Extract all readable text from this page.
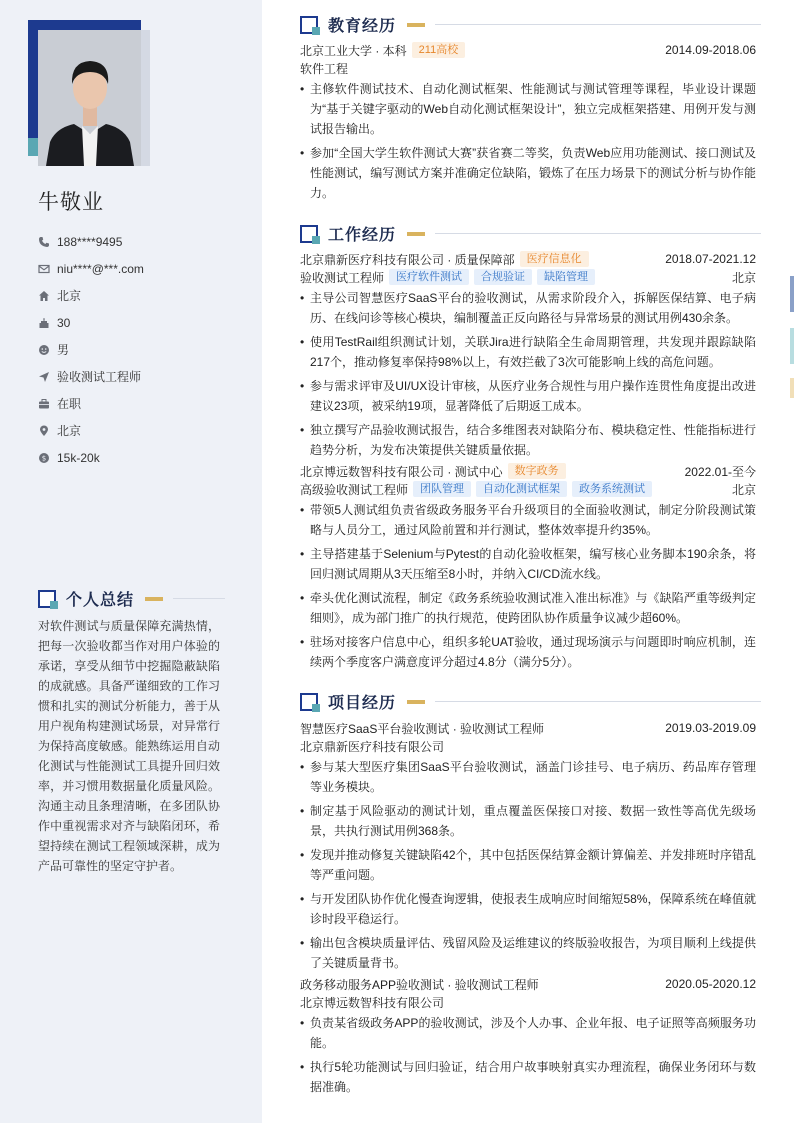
牛敬业
188****9495
niu****@***.com
北京
30
男
验收测试工程师
在职
北京
$ 15k-20k
个人总结
对软件测试与质量保障充满热情，把每一次验收都当作对用户体验的承诺，享受从细节中挖掘隐蔽缺陷的成就感。具备严谨细致的工作习惯和扎实的测试分析能力，善于从用户视角构建测试场景，对异常行为保持高度敏感。能熟练运用自动化测试与性能测试工具提升回归效率，并习惯用数据量化质量风险。沟通主动且条理清晰，在多团队协作中重视需求对齐与缺陷闭环，希望持续在测试工程领域深耕，成为产品可靠性的坚定守护者。
教育经历
北京工业大学 · 本科	211高校	2014.09-2018.06
软件工程
• 主修软件测试技术、自动化测试框架、性能测试与测试管理等课程，毕业设计课题为“基于关键字驱动的Web自动化测试框架设计”，独立完成框架搭建、用例开发与测试报告输出。
• 参加“全国大学生软件测试大赛”获省赛二等奖，负责Web应用功能测试、接口测试及性能测试，编写测试方案并准确定位缺陷，锻炼了在压力场景下的测试分析与协作能力。
工作经历
北京鼎新医疗科技有限公司 · 质量保障部	医疗信息化	2018.07-2021.12
验收测试工程师	医疗软件测试	合规验证	缺陷管理	北京
• 主导公司智慧医疗SaaS平台的验收测试，从需求阶段介入，拆解医保结算、电子病历、在线问诊等核心模块，编制覆盖正反向路径与异常场景的测试用例430余条。
• 使用TestRail组织测试计划，关联Jira进行缺陷全生命周期管理，共发现并跟踪缺陷217个，推动修复率保持98%以上，有效拦截了3次可能影响上线的高危问题。
• 参与需求评审及UI/UX设计审核，从医疗业务合规性与用户操作连贯性角度提出改进建议23项，被采纳19项，显著降低了后期返工成本。
• 独立撰写产品验收测试报告，结合多维图表对缺陷分布、模块稳定性、性能指标进行趋势分析，为发布决策提供关键质量依据。
北京博远数智科技有限公司 · 测试中心	数字政务	2022.01-至今
高级验收测试工程师	团队管理	自动化测试框架	政务系统测试	北京
• 带领5人测试组负责省级政务服务平台升级项目的全面验收测试，制定分阶段测试策略与人员分工，通过风险前置和并行测试，整体效率提升约35%。
• 主导搭建基于Selenium与Pytest的自动化验收框架，编写核心业务脚本190余条，将回归测试周期从3天压缩至8小时，并纳入CI/CD流水线。
• 牵头优化测试流程，制定《政务系统验收测试准入准出标准》与《缺陷严重等级判定细则》，成为部门推广的执行规范，使跨团队协作质量争议减少超60%。
• 驻场对接客户信息中心，组织多轮UAT验收，通过现场演示与问题即时响应机制，连续两个季度客户满意度评分超过4.8分（满分5分）。
项目经历
智慧医疗SaaS平台验收测试 · 验收测试工程师	2019.03-2019.09
北京鼎新医疗科技有限公司
• 参与某大型医疗集团SaaS平台验收测试，涵盖门诊挂号、电子病历、药品库存管理等业务模块。
• 制定基于风险驱动的测试计划，重点覆盖医保接口对接、数据一致性等高优先级场景，共执行测试用例368条。
• 发现并推动修复关键缺陷42个，其中包括医保结算金额计算偏差、并发排班时序错乱等严重问题。
• 与开发团队协作优化慢查询逻辑，使报表生成响应时间缩短58%，保障系统在峰值就诊时段平稳运行。
• 输出包含模块质量评估、残留风险及运维建议的终版验收报告，为项目顺利上线提供了关键质量背书。
政务移动服务APP验收测试 · 验收测试工程师	2020.05-2020.12
北京博远数智科技有限公司
• 负责某省级政务APP的验收测试，涉及个人办事、企业年报、电子证照等高频服务功能。
• 执行5轮功能测试与回归验证，结合用户故事映射真实办理流程，确保业务闭环与数据准确。
